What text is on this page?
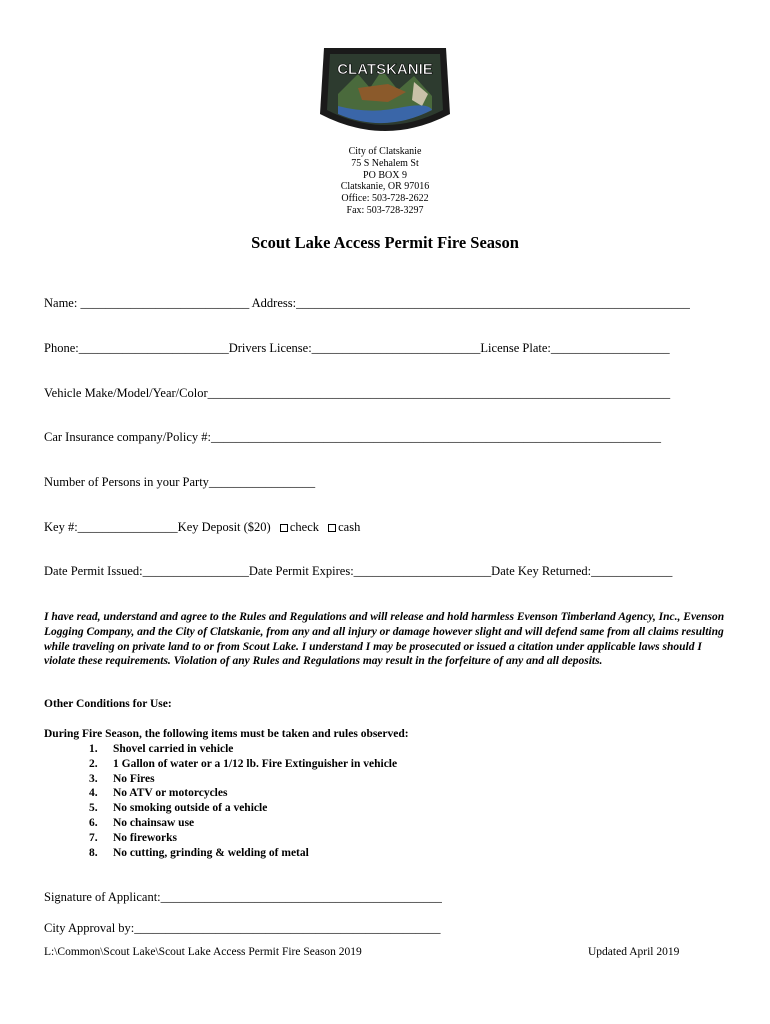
CLATSKANIE
City of Clatskanie
75 S Nehalem St
PO BOX 9
Clatskanie, OR 97016
Office: 503-728-2622
Fax: 503-728-3297
Scout Lake Access Permit Fire Season
Name: ___________________________ Address:_______________________________________________________________
Phone:________________________Drivers License:___________________________License Plate:___________________
Vehicle Make/Model/Year/Color__________________________________________________________________________
Car Insurance company/Policy #:________________________________________________________________________
Number of Persons in your Party_________________
Key #:________________Key Deposit ($20) check cash
Date Permit Issued:_________________Date Permit Expires:______________________Date Key Returned:_____________
I have read, understand and agree to the Rules and Regulations and will release and hold harmless Evenson Timberland Agency, Inc., Evenson Logging Company, and the City of Clatskanie, from any and all injury or damage however slight and will defend same from all claims resulting while traveling on private land to or from Scout Lake. I understand I may be prosecuted or issued a citation under applicable laws should I violate these requirements. Violation of any Rules and Regulations may result in the forfeiture of any and all deposits.
Other Conditions for Use:
During Fire Season, the following items must be taken and rules observed:
1.	Shovel carried in vehicle
2.	1 Gallon of water or a 1/12 lb. Fire Extinguisher in vehicle
3.	No Fires
4.	No ATV or motorcycles
5.	No smoking outside of a vehicle
6.	No chainsaw use
7.	No fireworks
8.	No cutting, grinding & welding of metal
Signature of Applicant:_____________________________________________
City Approval by:_________________________________________________
L:\Common\Scout Lake\Scout Lake Access Permit Fire Season 2019	Updated April 2019
